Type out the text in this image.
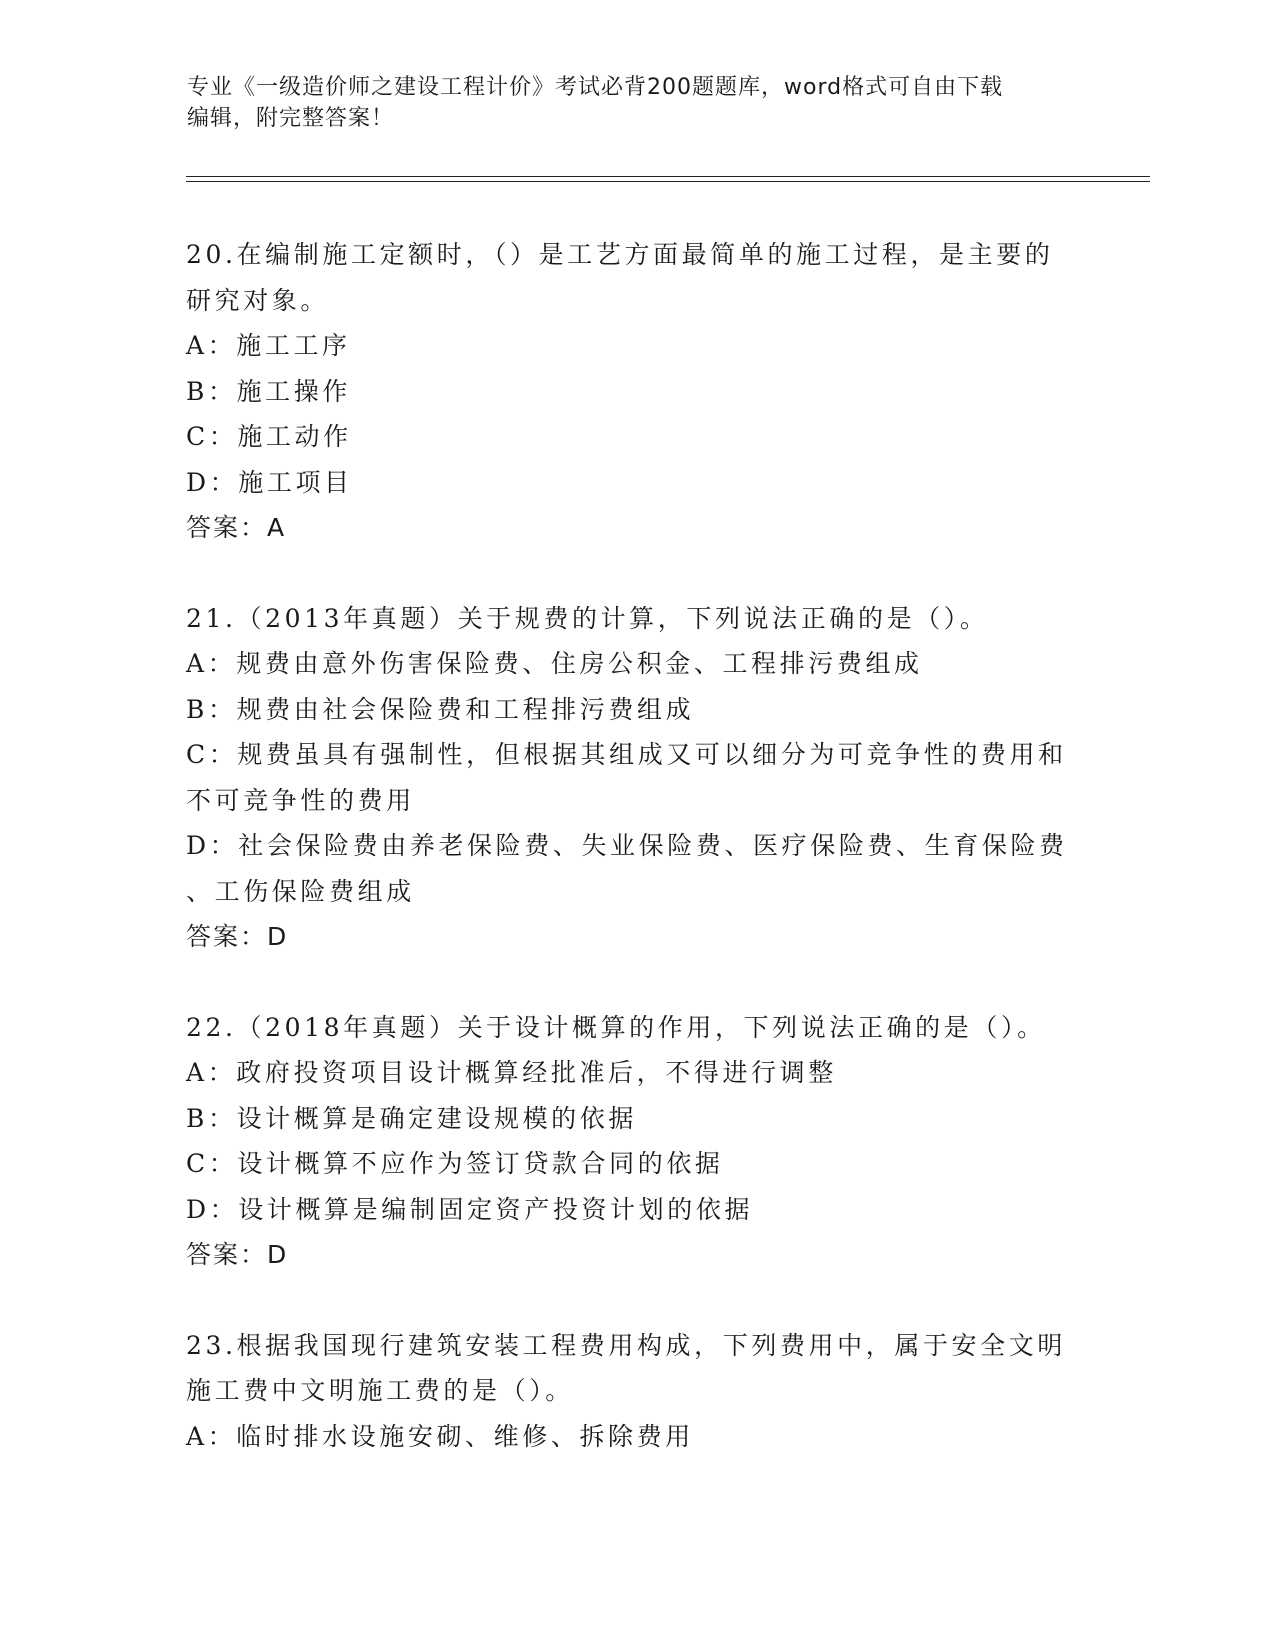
专业《一级造价师之建设工程计价》考试必背200题题库，word格式可自由下载
编辑，附完整答案！
20.在编制施工定额时，（）是工艺方面最简单的施工过程，是主要的
研究对象。
A：施工工序
B：施工操作
C：施工动作
D：施工项目
答案：A
21.（2013年真题）关于规费的计算，下列说法正确的是（）。
A：规费由意外伤害保险费、住房公积金、工程排污费组成
B：规费由社会保险费和工程排污费组成
C：规费虽具有强制性，但根据其组成又可以细分为可竞争性的费用和
不可竞争性的费用
D：社会保险费由养老保险费、失业保险费、医疗保险费、生育保险费
、工伤保险费组成
答案：D
22.（2018年真题）关于设计概算的作用，下列说法正确的是（）。
A：政府投资项目设计概算经批准后，不得进行调整
B：设计概算是确定建设规模的依据
C：设计概算不应作为签订贷款合同的依据
D：设计概算是编制固定资产投资计划的依据
答案：D
23.根据我国现行建筑安装工程费用构成，下列费用中，属于安全文明
施工费中文明施工费的是（）。
A：临时排水设施安砌、维修、拆除费用
